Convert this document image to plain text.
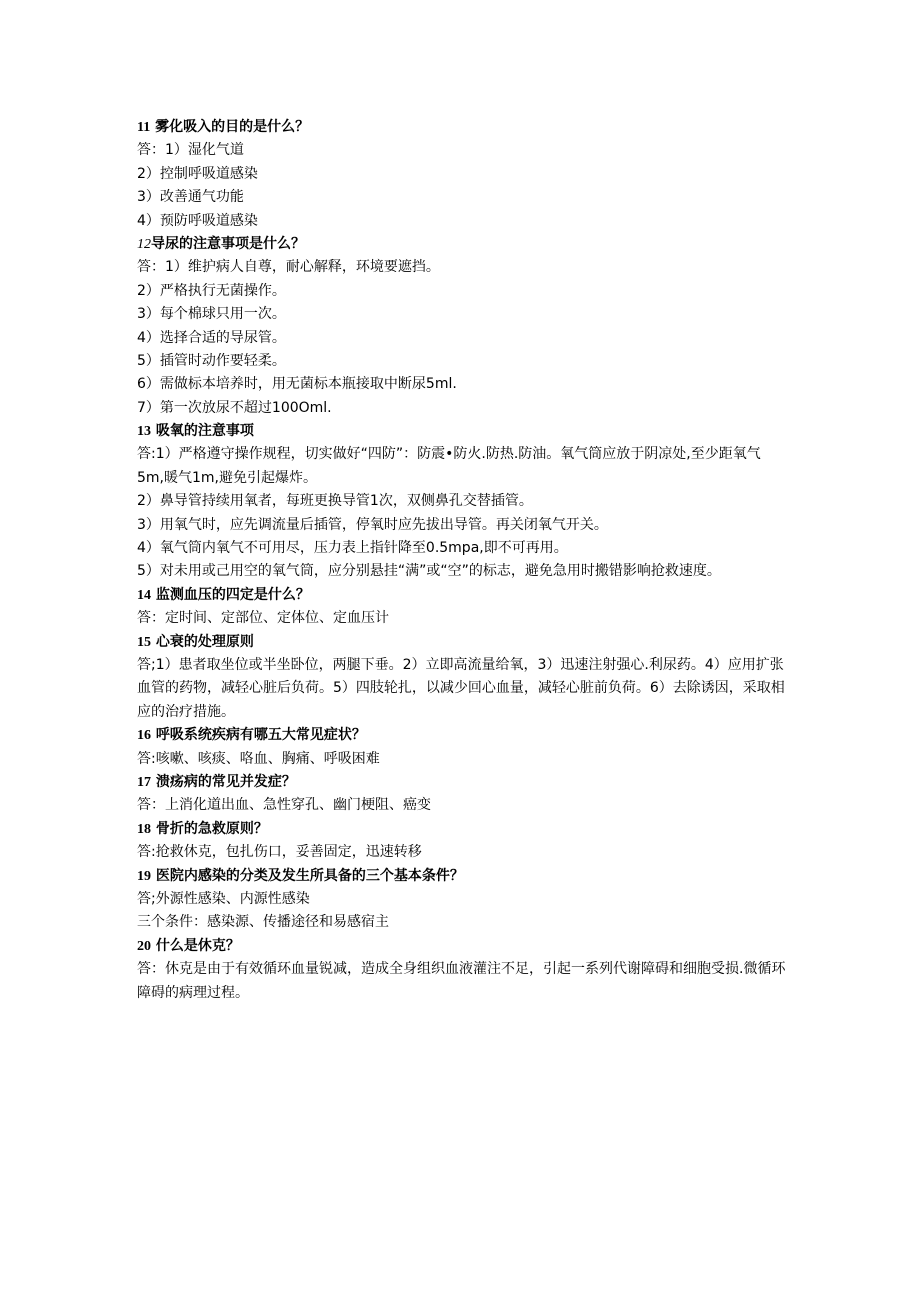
11 雾化吸入的目的是什么？
答：1）湿化气道
2）控制呼吸道感染
3）改善通气功能
4）预防呼吸道感染
12导尿的注意事项是什么？
答：1）维护病人自尊，耐心解释，环境要遮挡。
2）严格执行无菌操作。
3）每个棉球只用一次。
4）选择合适的导尿管。
5）插管时动作要轻柔。
6）需做标本培养时，用无菌标本瓶接取中断尿5ml.
7）第一次放尿不超过100Oml.
13 吸氧的注意事项
答:1）严格遵守操作规程，切实做好“四防”：防震•防火.防热.防油。氧气筒应放于阴凉处,至少距氧气5m,暖气1m,避免引起爆炸。
2）鼻导管持续用氧者，每班更换导管1次，双侧鼻孔交替插管。
3）用氧气时，应先调流量后插管，停氧时应先拔出导管。再关闭氧气开关。
4）氧气筒内氧气不可用尽，压力表上指针降至0.5mpa,即不可再用。
5）对未用或己用空的氧气筒，应分别悬挂“满”或“空”的标志，避免急用时搬错影响抢救速度。
14 监测血压的四定是什么？
答：定时间、定部位、定体位、定血压计
15 心衰的处理原则
答;1）患者取坐位或半坐卧位，两腿下垂。2）立即高流量给氧，3）迅速注射强心.利尿药。4）应用扩张血管的药物，减轻心脏后负荷。5）四肢轮扎，以减少回心血量，减轻心脏前负荷。6）去除诱因，采取相应的治疗措施。
16 呼吸系统疾病有哪五大常见症状？
答:咳嗽、咳痰、咯血、胸痛、呼吸困难
17 溃疡病的常见并发症？
答：上消化道出血、急性穿孔、幽门梗阻、癌变
18 骨折的急救原则？
答:抢救休克，包扎伤口，妥善固定，迅速转移
19 医院内感染的分类及发生所具备的三个基本条件？
答;外源性感染、内源性感染
三个条件：感染源、传播途径和易感宿主
20 什么是休克？
答：休克是由于有效循环血量锐减，造成全身组织血液灌注不足，引起一系列代谢障碍和细胞受损.微循环障碍的病理过程。
